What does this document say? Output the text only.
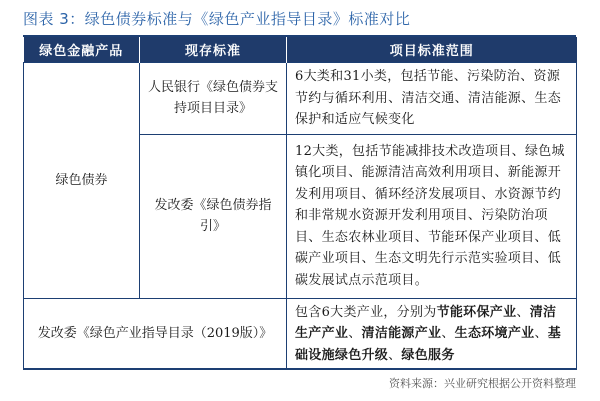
图表 3：绿色债券标准与《绿色产业指导目录》标准对比
绿色金融产品	现存标准	项目标准范围
绿色债券	人民银行《绿色债券支持项目目录》	6大类和31小类，包括节能、污染防治、资源节约与循环利用、清洁交通、清洁能源、生态保护和适应气候变化
	发改委《绿色债券指引》	12大类，包括节能减排技术改造项目、绿色城镇化项目、能源清洁高效利用项目、新能源开发利用项目、循环经济发展项目、水资源节约和非常规水资源开发利用项目、污染防治项目、生态农林业项目、节能环保产业项目、低碳产业项目、生态文明先行示范实验项目、低碳发展试点示范项目。
发改委《绿色产业指导目录（2019版）》		包含6大类产业，分别为节能环保产业、清洁生产产业、清洁能源产业、生态环境产业、基础设施绿色升级、绿色服务
资料来源：兴业研究根据公开资料整理
